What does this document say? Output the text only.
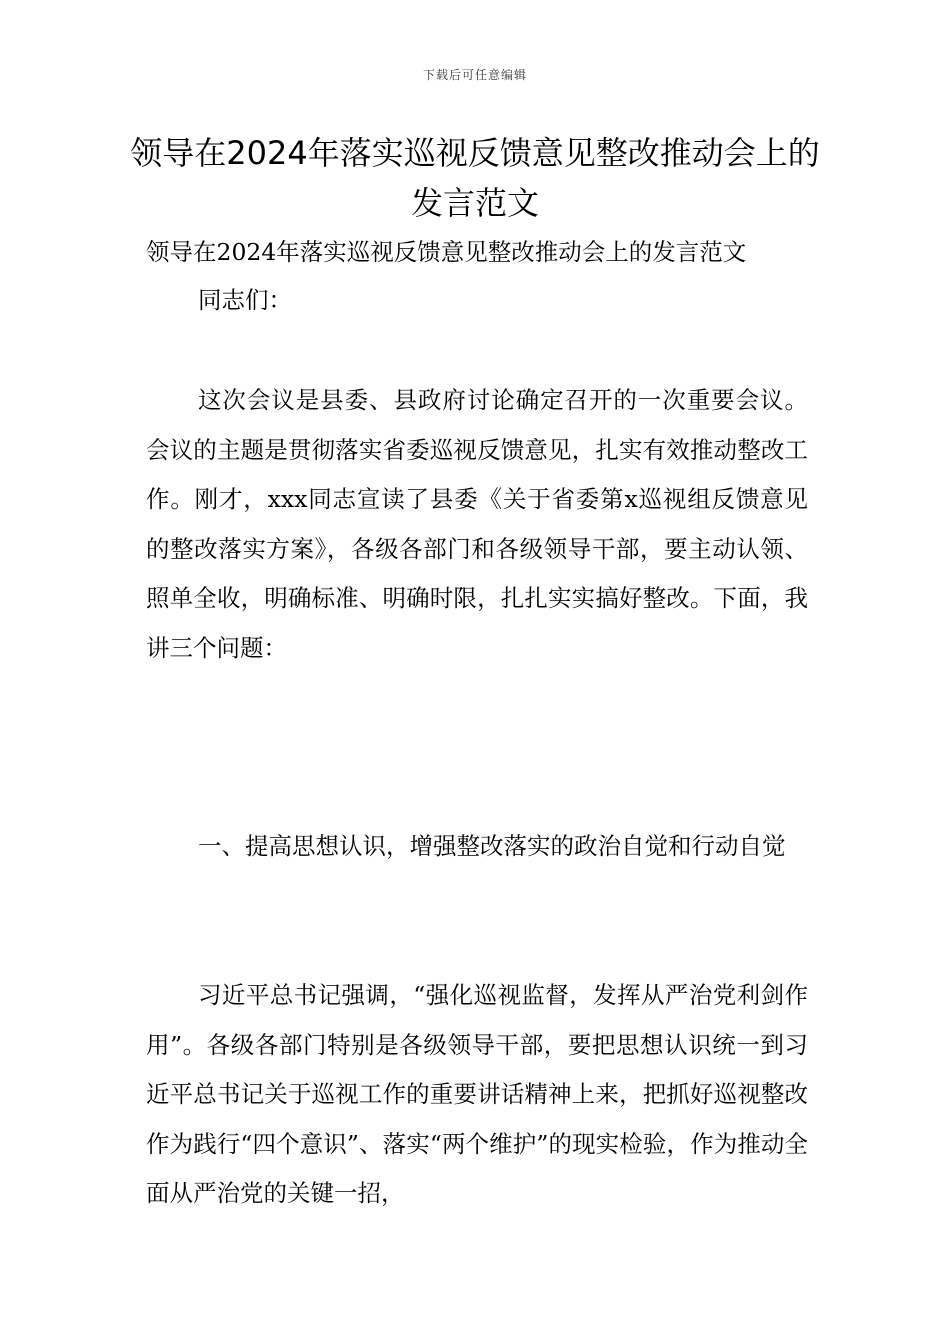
下载后可任意编辑
领导在2024年落实巡视反馈意见整改推动会上的发言范文

领导在2024年落实巡视反馈意见整改推动会上的发言范文

同志们：

这次会议是县委、县政府讨论确定召开的一次重要会议。会议的主题是贯彻落实省委巡视反馈意见，扎实有效推动整改工作。刚才，xxx同志宣读了县委《关于省委第x巡视组反馈意见的整改落实方案》，各级各部门和各级领导干部，要主动认领、照单全收，明确标准、明确时限，扎扎实实搞好整改。下面，我讲三个问题：

一、提高思想认识，增强整改落实的政治自觉和行动自觉

习近平总书记强调，“强化巡视监督，发挥从严治党利剑作用”。各级各部门特别是各级领导干部，要把思想认识统一到习近平总书记关于巡视工作的重要讲话精神上来，把抓好巡视整改作为践行“四个意识”、落实“两个维护”的现实检验，作为推动全面从严治党的关键一招，
